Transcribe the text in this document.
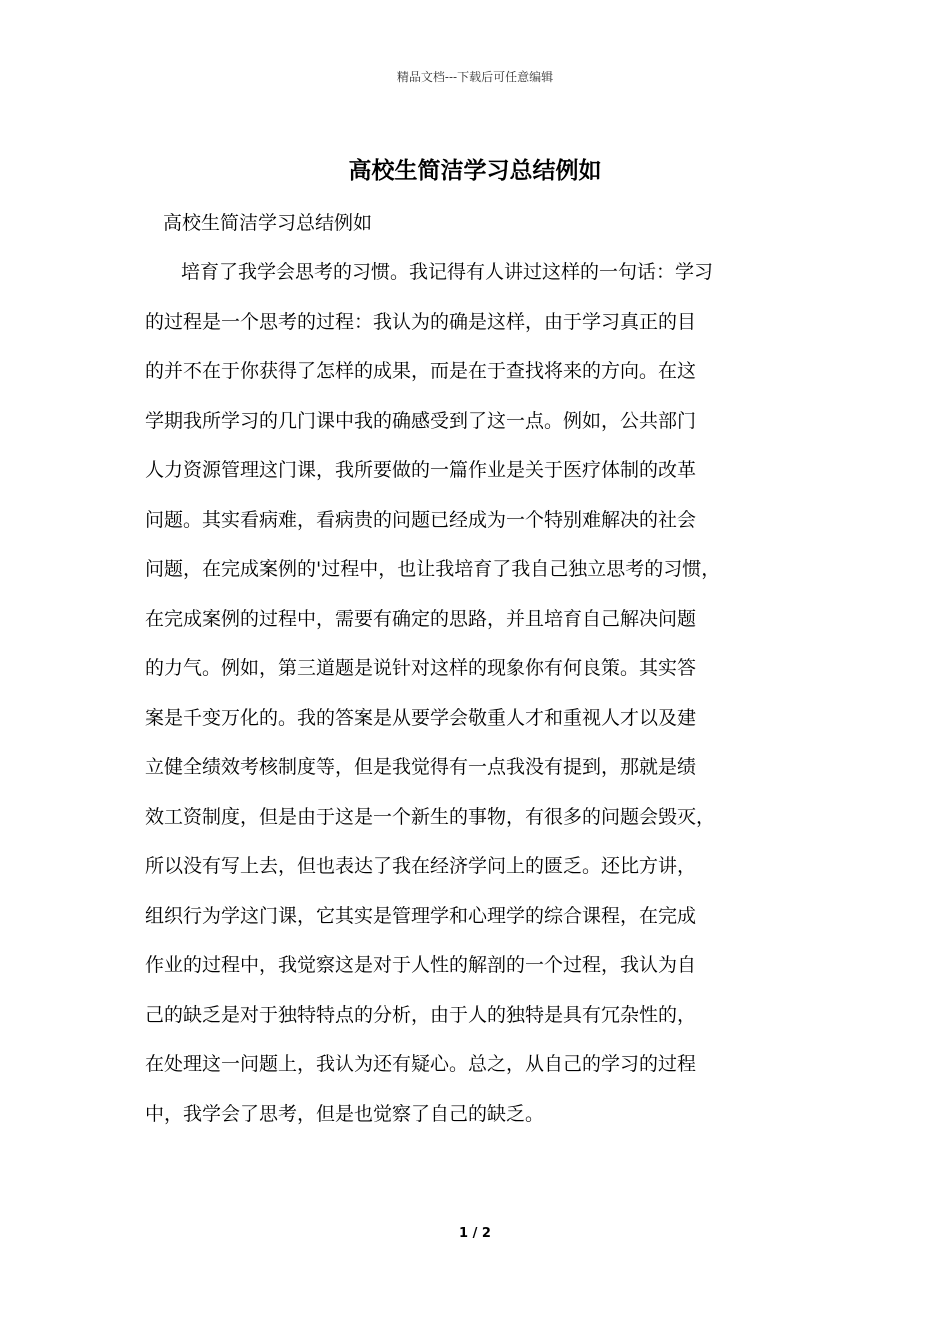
精品文档---下载后可任意编辑
高校生简洁学习总结例如
高校生简洁学习总结例如
培育了我学会思考的习惯。我记得有人讲过这样的一句话：学习
的过程是一个思考的过程：我认为的确是这样，由于学习真正的目
的并不在于你获得了怎样的成果，而是在于查找将来的方向。在这
学期我所学习的几门课中我的确感受到了这一点。例如，公共部门
人力资源管理这门课，我所要做的一篇作业是关于医疗体制的改革
问题。其实看病难，看病贵的问题已经成为一个特别难解决的社会
问题，在完成案例的'过程中，也让我培育了我自己独立思考的习惯，
在完成案例的过程中，需要有确定的思路，并且培育自己解决问题
的力气。例如，第三道题是说针对这样的现象你有何良策。其实答
案是千变万化的。我的答案是从要学会敬重人才和重视人才以及建
立健全绩效考核制度等，但是我觉得有一点我没有提到，那就是绩
效工资制度，但是由于这是一个新生的事物，有很多的问题会毁灭，
所以没有写上去，但也表达了我在经济学问上的匮乏。还比方讲，
组织行为学这门课，它其实是管理学和心理学的综合课程，在完成
作业的过程中，我觉察这是对于人性的解剖的一个过程，我认为自
己的缺乏是对于独特特点的分析，由于人的独特是具有冗杂性的，
在处理这一问题上，我认为还有疑心。总之，从自己的学习的过程
中，我学会了思考，但是也觉察了自己的缺乏。
1 / 2
